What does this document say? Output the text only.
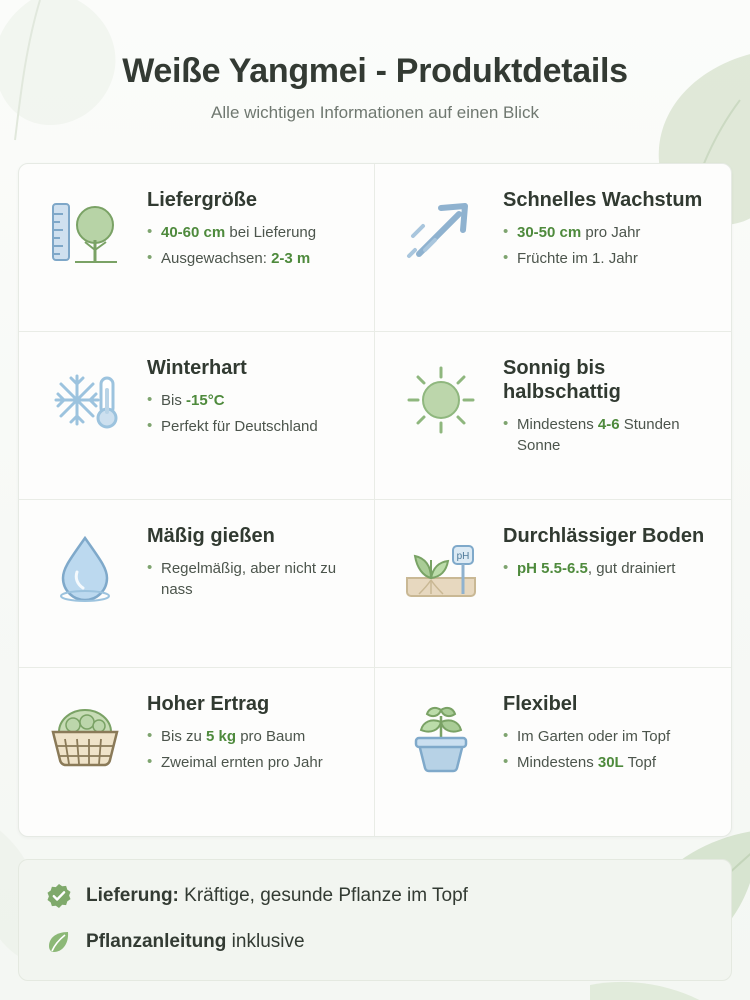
Weiße Yangmei - Produktdetails
Alle wichtigen Informationen auf einen Blick
Liefergröße
• 40-60 cm bei Lieferung
• Ausgewachsen: 2-3 m
Schnelles Wachstum
• 30-50 cm pro Jahr
• Früchte im 1. Jahr
Winterhart
• Bis -15°C
• Perfekt für Deutschland
Sonnig bis halbschattig
• Mindestens 4-6 Stunden Sonne
Mäßig gießen
• Regelmäßig, aber nicht zu nass
pH
Durchlässiger Boden
• pH 5.5-6.5, gut drainiert
Hoher Ertrag
• Bis zu 5 kg pro Baum
• Zweimal ernten pro Jahr
Flexibel
• Im Garten oder im Topf
• Mindestens 30L Topf
Lieferung: Kräftige, gesunde Pflanze im Topf
Pflanzanleitung inklusive
